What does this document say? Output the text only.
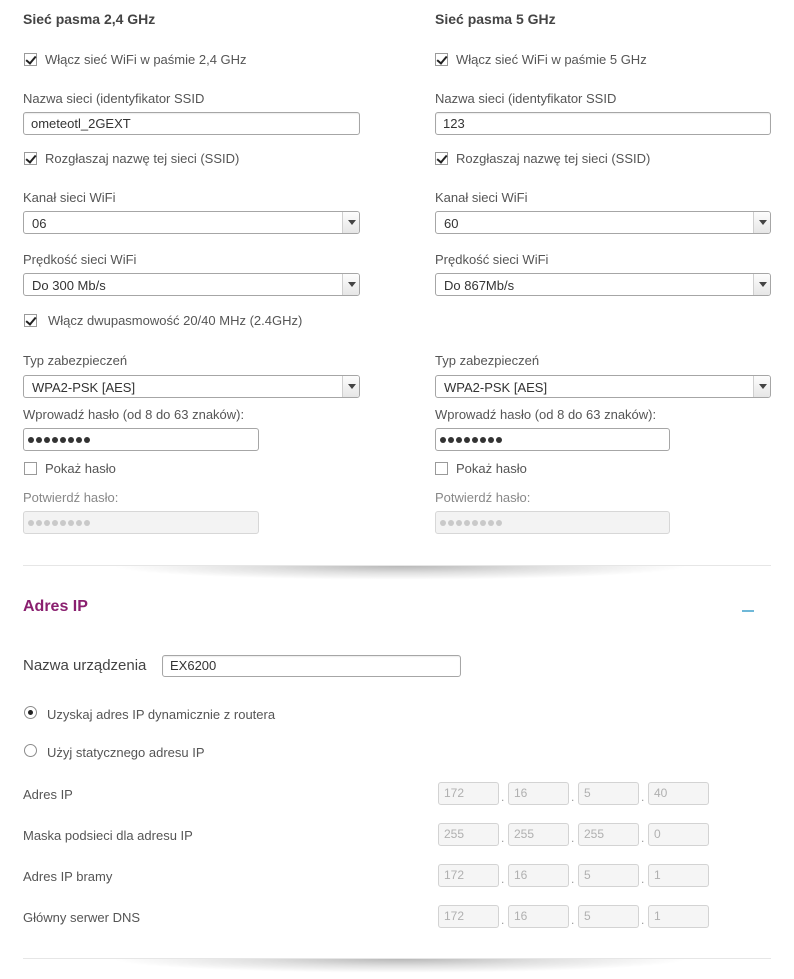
Sieć pasma 2,4 GHz
Włącz sieć WiFi w paśmie 2,4 GHz
Nazwa sieci (identyfikator SSID
ometeotl_2GEXT
Rozgłaszaj nazwę tej sieci (SSID)
Kanał sieci WiFi
06
Prędkość sieci WiFi
Do 300 Mb/s
Włącz dwupasmowość 20/40 MHz (2.4GHz)
Typ zabezpieczeń
WPA2-PSK [AES]
Wprowadź hasło (od 8 do 63 znaków):
Pokaż hasło
Potwierdź hasło:
Sieć pasma 5 GHz
Włącz sieć WiFi w paśmie 5 GHz
Nazwa sieci (identyfikator SSID
123
Rozgłaszaj nazwę tej sieci (SSID)
Kanał sieci WiFi
60
Prędkość sieci WiFi
Do 867Mb/s
Typ zabezpieczeń
WPA2-PSK [AES]
Wprowadź hasło (od 8 do 63 znaków):
Pokaż hasło
Potwierdź hasło:
Adres IP
Nazwa urządzenia	EX6200
Uzyskaj adres IP dynamicznie z routera
Użyj statycznego adresu IP
Adres IP	172	. 16	. 5	. 40
Maska podsieci dla adresu IP	255	. 255	. 255	. 0
Adres IP bramy	172	. 16	. 5	. 1
Główny serwer DNS	172	. 16	. 5	. 1
